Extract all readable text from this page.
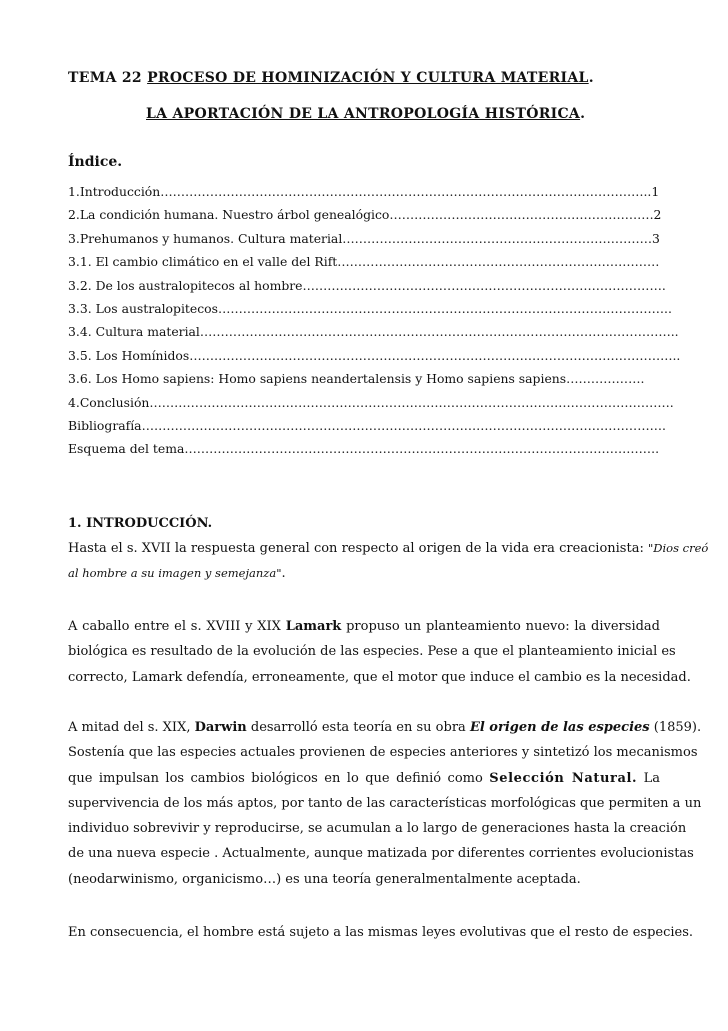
TEMA 22 PROCESO DE HOMINIZACIÓN Y CULTURA MATERIAL.
LA APORTACIÓN DE LA ANTROPOLOGÍA HISTÓRICA.
Índice.
1.Introducción………………………………………………………………………………………………………..1
2.La condición humana. Nuestro árbol genealógico……………………………………………………….2
3.Prehumanos y humanos. Cultura material…………………………………………………………………3
3.1. El cambio climático en el valle del Rift……………………………………………………………………
3.2. De los australopitecos al hombre…………………………………………………………………………….
3.3. Los australopitecos………………………………………………………………………………………………..
3.4. Cultura material……………………………………………………………………………………………………..
3.5. Los Homínidos………………………………………………………………………………………………………..
3.6. Los Homo sapiens: Homo sapiens neandertalensis y Homo sapiens sapiens……………….
4.Conclusión……………………………………………………………………………………………………………….
Bibliografía……………………………………………………………………………………………………………….
Esquema del tema…………………………………………………………………………………………………….
1. INTRODUCCIÓN.
Hasta el s. XVII la respuesta general con respecto al origen de la vida era creacionista: "Dios creó
al hombre a su imagen y semejanza".
A caballo entre el s. XVIII y XIX Lamark propuso un planteamiento nuevo: la diversidad
biológica es resultado de la evolución de las especies. Pese a que el planteamiento inicial es
correcto, Lamark defendía, erroneamente, que el motor que induce el cambio es la necesidad.
A mitad del s. XIX, Darwin desarrolló esta teoría en su obra El origen de las especies (1859).
Sostenía que las especies actuales provienen de especies anteriores y sintetizó los mecanismos
que impulsan los cambios biológicos en lo que definió como Selección Natural. La
supervivencia de los más aptos, por tanto de las características morfológicas que permiten a un
individuo sobrevivir y reproducirse, se acumulan a lo largo de generaciones hasta la creación
de una nueva especie . Actualmente, aunque matizada por diferentes corrientes evolucionistas
(neodarwinismo, organicismo…) es una teoría generalmentalmente aceptada.
En consecuencia, el hombre está sujeto a las mismas leyes evolutivas que el resto de especies.
